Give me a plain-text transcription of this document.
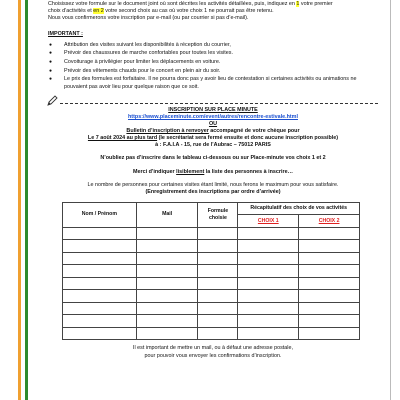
Choisissez votre formule sur le document joint où sont décrites les activités détaillées, puis, indiquez en 1 votre premier

choix d’activités et en 2 votre second choix au cas où votre choix 1 ne pourrait pas être retenu.

Nous vous confirmerons votre inscription par e-mail (ou par courrier si pas d’e-mail).

IMPORTANT :
● Attribution des visites suivant les disponibilités à réception du courrier,
● Prévoir des chaussures de marche confortables pour toutes les visites.
● Covoiturage à privilégier pour limiter les déplacements en voiture.
● Prévoir des vêtements chauds pour le concert en plein air du soir.
● Le prix des formules est forfaitaire. Il ne pourra donc pas y avoir lieu de contestation si certaines activités ou animations ne pouvaient pas avoir lieu pour quelque raison que ce soit.

INSCRIPTION SUR PLACE MINUTE

https://www.placeminute.com/event/autres/rencontre-estivale.html

OU

Bulletin d’inscription à renvoyer accompagné de votre chèque pour

Le 7 août 2024 au plus tard (le secrétariat sera fermé ensuite et donc aucune inscription possible)

à : F.A.I.A - 15, rue de l’Aubrac – 75012 PARIS

N’oubliez pas d’inscrire dans le tableau ci-dessous ou sur Place-minute vos choix 1 et 2

Merci d’indiquer lisiblement la liste des personnes à inscrire…

Le nombre de personnes pour certaines visites étant limité, nous ferons le maximum pour vous satisfaire.

(Enregistrement des inscriptions par ordre d’arrivée)

Nom / Prénom	Mail	Formule choisie	Récapitulatif des choix de vos activités	
			CHOIX 1	CHOIX 2

Il est important de mettre un mail, ou à défaut une adresse postale,
pour pouvoir vous envoyer les confirmations d’inscription.
